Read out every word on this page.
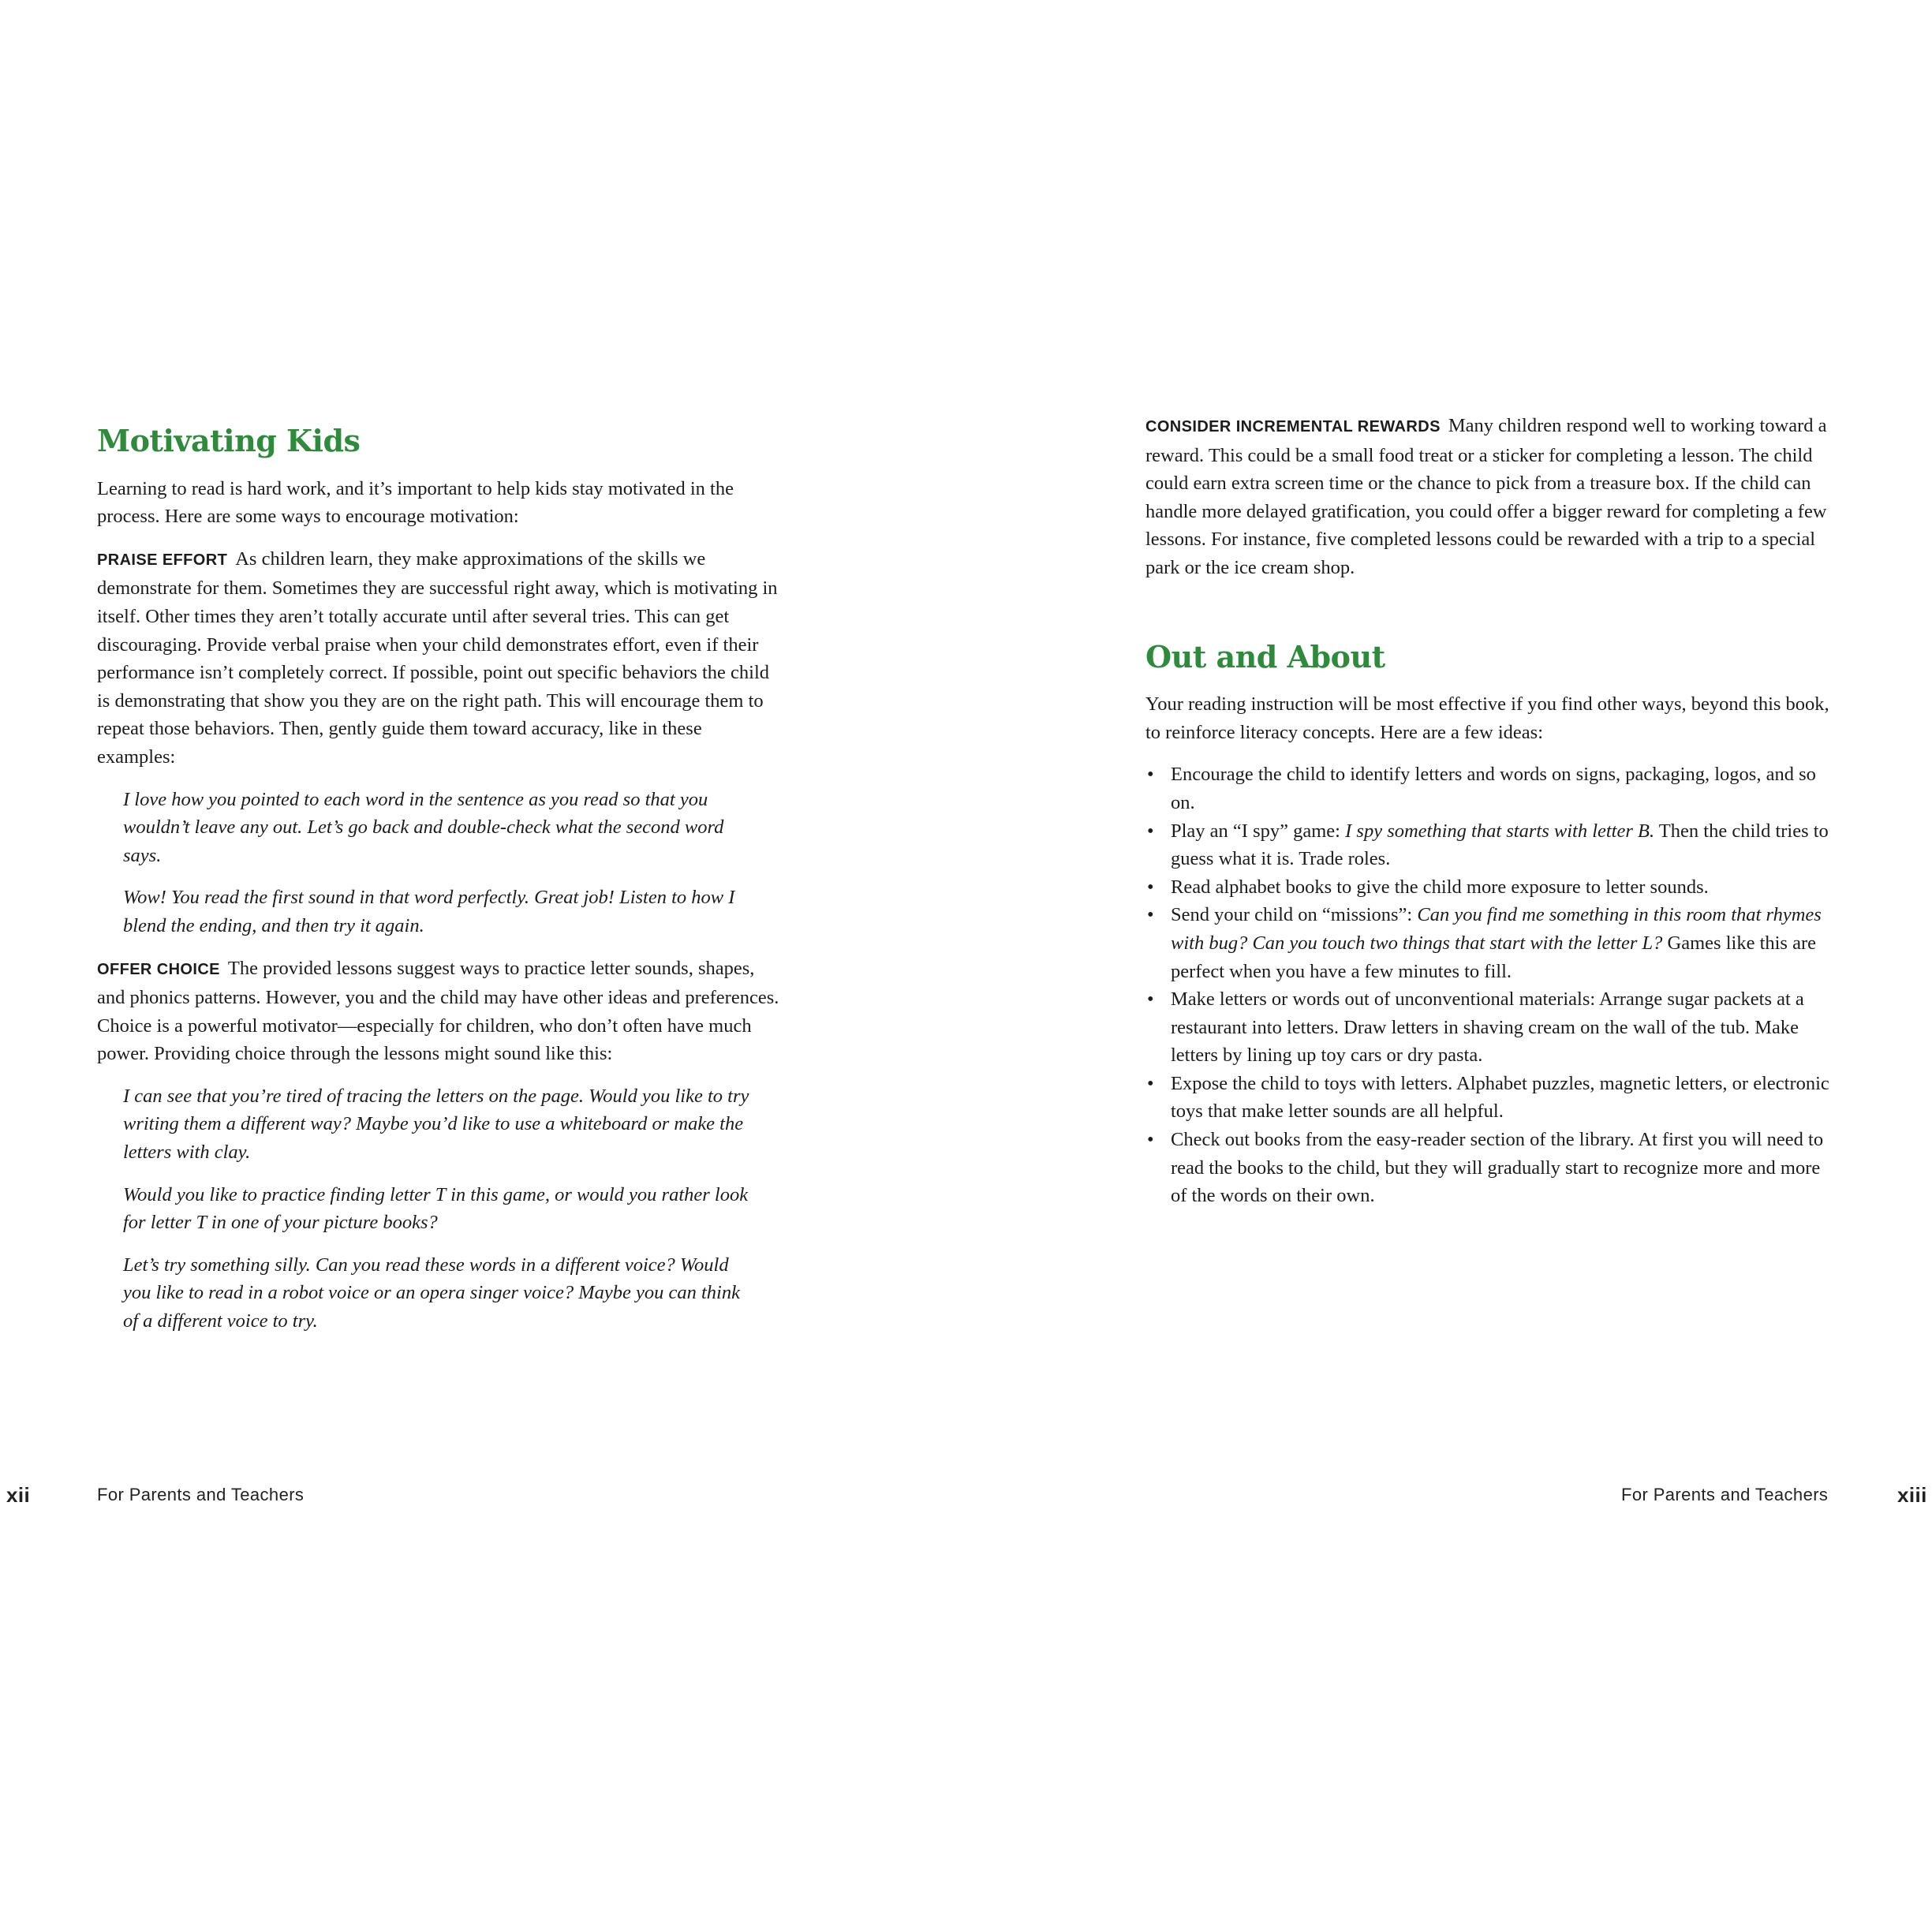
Motivating Kids

Learning to read is hard work, and it’s important to help kids stay motivated in the process. Here are some ways to encourage motivation:

PRAISE EFFORT As children learn, they make approximations of the skills we demonstrate for them. Sometimes they are successful right away, which is motivating in itself. Other times they aren’t totally accurate until after several tries. This can get discouraging. Provide verbal praise when your child demonstrates effort, even if their performance isn’t completely correct. If possible, point out specific behaviors the child is demonstrating that show you they are on the right path. This will encourage them to repeat those behaviors. Then, gently guide them toward accuracy, like in these examples:

I love how you pointed to each word in the sentence as you read so that you wouldn’t leave any out. Let’s go back and double-check what the second word says.
Wow! You read the first sound in that word perfectly. Great job! Listen to how I blend the ending, and then try it again.

OFFER CHOICE The provided lessons suggest ways to practice letter sounds, shapes, and phonics patterns. However, you and the child may have other ideas and preferences. Choice is a powerful motivator—especially for children, who don’t often have much power. Providing choice through the lessons might sound like this:

I can see that you’re tired of tracing the letters on the page. Would you like to try writing them a different way? Maybe you’d like to use a whiteboard or make the letters with clay.
Would you like to practice finding letter T in this game, or would you rather look for letter T in one of your picture books?
Let’s try something silly. Can you read these words in a different voice? Would you like to read in a robot voice or an opera singer voice? Maybe you can think of a different voice to try.

CONSIDER INCREMENTAL REWARDS Many children respond well to working toward a reward. This could be a small food treat or a sticker for completing a lesson. The child could earn extra screen time or the chance to pick from a treasure box. If the child can handle more delayed gratification, you could offer a bigger reward for completing a few lessons. For instance, five completed lessons could be rewarded with a trip to a special park or the ice cream shop.

Out and About

Your reading instruction will be most effective if you find other ways, beyond this book, to reinforce literacy concepts. Here are a few ideas:

• Encourage the child to identify letters and words on signs, packaging, logos, and so on.
• Play an “I spy” game: I spy something that starts with letter B. Then the child tries to guess what it is. Trade roles.
• Read alphabet books to give the child more exposure to letter sounds.
• Send your child on “missions”: Can you find me something in this room that rhymes with bug? Can you touch two things that start with the letter L? Games like this are perfect when you have a few minutes to fill.
• Make letters or words out of unconventional materials: Arrange sugar packets at a restaurant into letters. Draw letters in shaving cream on the wall of the tub. Make letters by lining up toy cars or dry pasta.
• Expose the child to toys with letters. Alphabet puzzles, magnetic letters, or electronic toys that make letter sounds are all helpful.
• Check out books from the easy-reader section of the library. At first you will need to read the books to the child, but they will gradually start to recognize more and more of the words on their own.
xii	For Parents and Teachers	For Parents and Teachers	xiii
